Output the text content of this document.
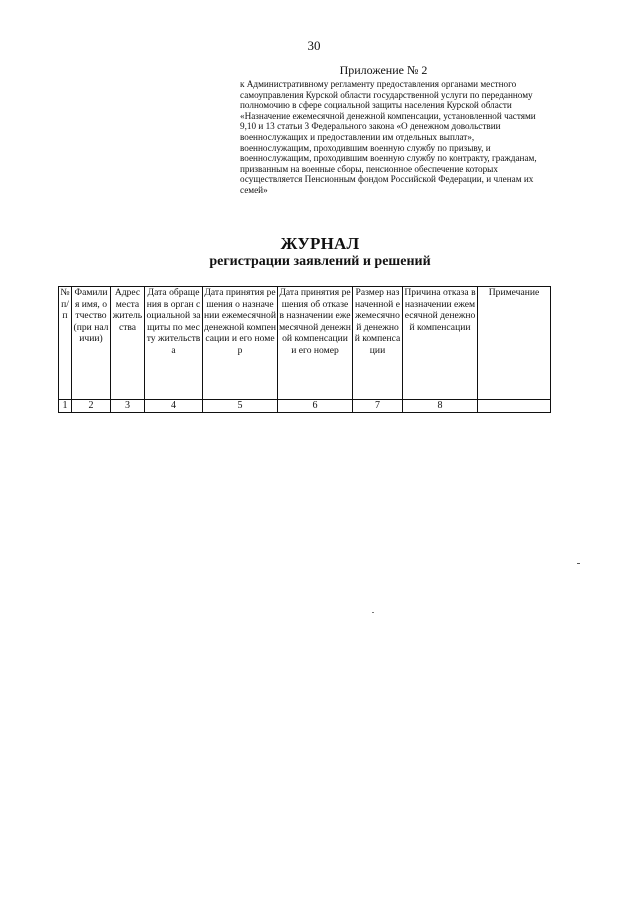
30
Приложение № 2
к Административному регламенту предоставления органами местного самоуправления Курской области государственной услуги по переданному полномочию в сфере социальной защиты населения Курской области «Назначение ежемесячной денежной компенсации, установленной частями 9,10 и 13 статьи 3 Федерального закона «О денежном довольствии военнослужащих и предоставлении им отдельных выплат», военнослужащим, проходившим военную службу по призыву, и военнослужащим, проходившим военную службу по контракту, гражданам, призванным на военные сборы, пенсионное обеспечение которых осуществляется Пенсионным фондом Российской Федерации, и членам их семей»
ЖУРНАЛ
регистрации заявлений и решений
№ п/п	Фамилия имя, отчество (при наличии)	Адрес места жительства	Дата обращения в орган социальной защиты по месту жительства	Дата принятия решения о назначении ежемесячной денежной компенсации и его номер	Дата принятия решения об отказе в назначении ежемесячной денежной компенсации и его номер	Размер назначенной ежемесячной денежной компенсации	Причина отказа в назначении ежемесячной денежной компенсации	Примечание
1	2	3	4	5	6	7	8	
